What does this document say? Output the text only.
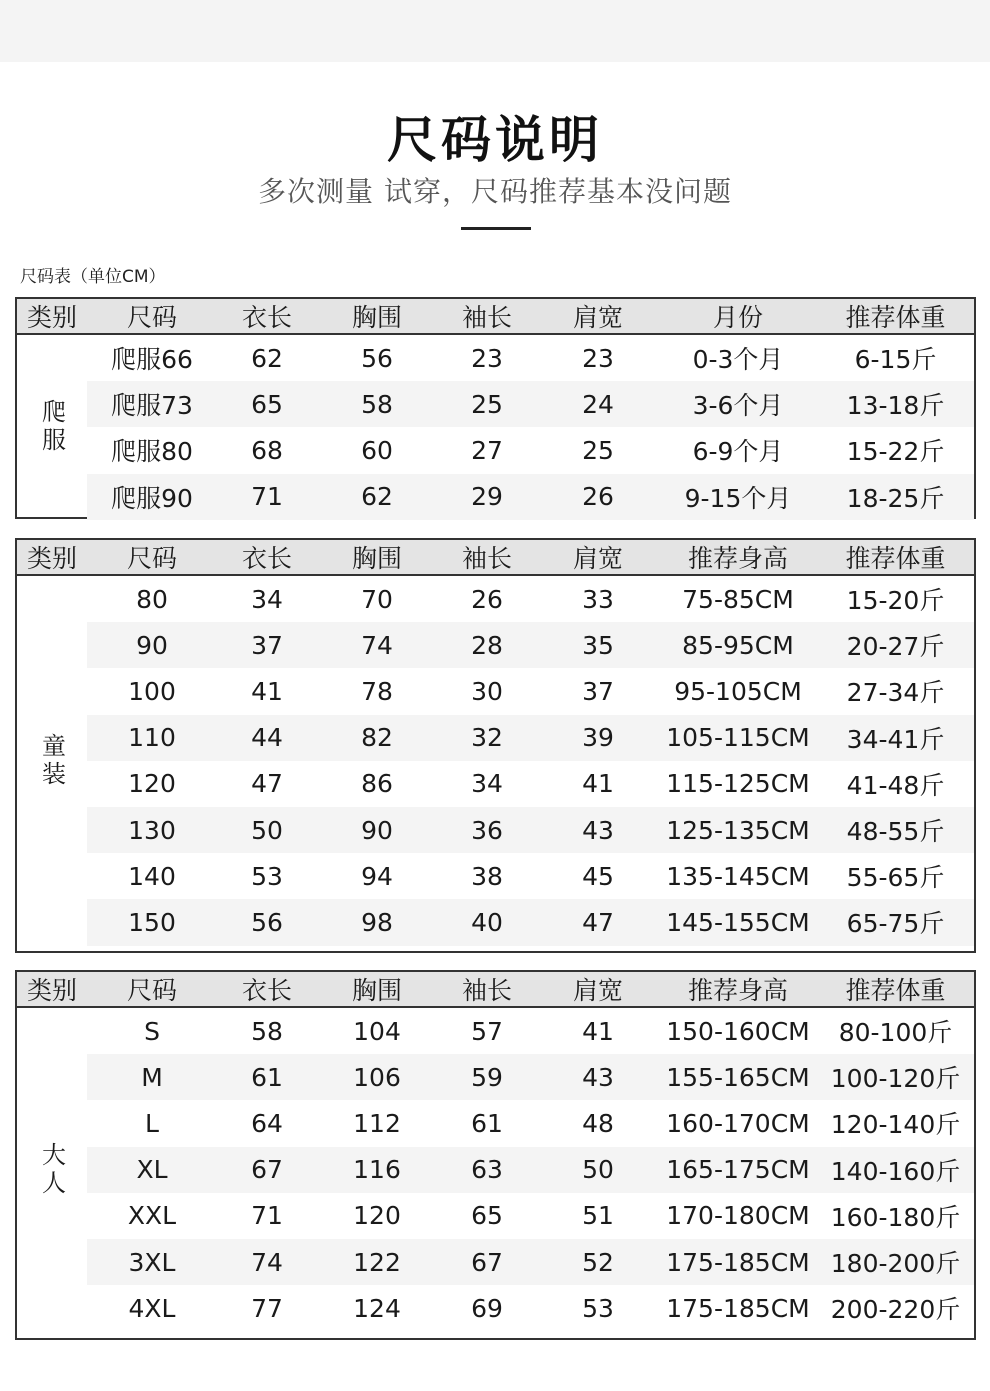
尺码说明
多次测量 试穿，尺码推荐基本没问题
尺码表（单位CM）
类别	尺码	衣长	胸围	袖长	肩宽	月份	推荐体重
爬服
爬服66	62	56	23	23	0-3个月	6-15斤
爬服73	65	58	25	24	3-6个月	13-18斤
爬服80	68	60	27	25	6-9个月	15-22斤
爬服90	71	62	29	26	9-15个月	18-25斤
类别	尺码	衣长	胸围	袖长	肩宽	推荐身高	推荐体重
童装
80	34	70	26	33	75-85CM	15-20斤
90	37	74	28	35	85-95CM	20-27斤
100	41	78	30	37	95-105CM	27-34斤
110	44	82	32	39	105-115CM	34-41斤
120	47	86	34	41	115-125CM	41-48斤
130	50	90	36	43	125-135CM	48-55斤
140	53	94	38	45	135-145CM	55-65斤
150	56	98	40	47	145-155CM	65-75斤
类别	尺码	衣长	胸围	袖长	肩宽	推荐身高	推荐体重
大人
S	58	104	57	41	150-160CM	80-100斤
M	61	106	59	43	155-165CM 100-120斤
L	64	112	61	48	160-170CM 120-140斤
XL	67	116	63	50	165-175CM 140-160斤
XXL	71	120	65	51	170-180CM 160-180斤
3XL	74	122	67	52	175-185CM 180-200斤
4XL	77	124	69	53	175-185CM 200-220斤
